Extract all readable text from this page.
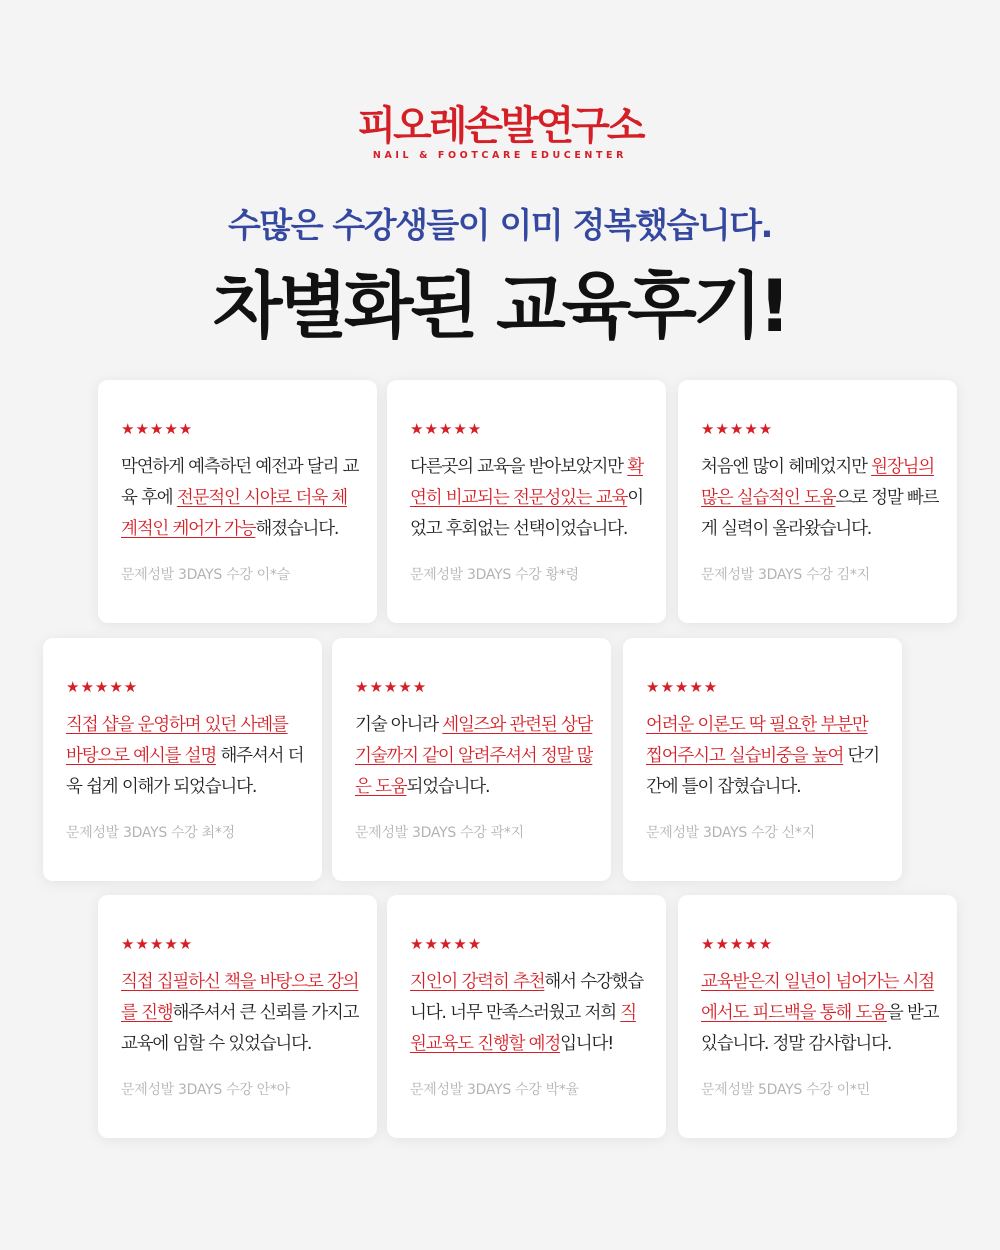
피오레손발연구소
NAIL & FOOTCARE EDUCENTER
수많은 수강생들이 이미 정복했습니다.
차별화된 교육후기!
★★★★★
막연하게 예측하던 예전과 달리 교육 후에 전문적인 시야로 더욱 체계적인 케어가 가능해졌습니다.
문제성발 3DAYS 수강 이*슬
★★★★★
다른곳의 교육을 받아보았지만 확연히 비교되는 전문성있는 교육이었고 후회없는 선택이었습니다.
문제성발 3DAYS 수강 황*령
★★★★★
처음엔 많이 헤메었지만 원장님의 많은 실습적인 도움으로 정말 빠르게 실력이 올라왔습니다.
문제성발 3DAYS 수강 김*지
★★★★★
직접 샵을 운영하며 있던 사례를 바탕으로 예시를 설명 해주셔서 더욱 쉽게 이해가 되었습니다.
문제성발 3DAYS 수강 최*정
★★★★★
기술 아니라 세일즈와 관련된 상담 기술까지 같이 알려주셔서 정말 많은 도움되었습니다.
문제성발 3DAYS 수강 곽*지
★★★★★
어려운 이론도 딱 필요한 부분만 찝어주시고 실습비중을 높여 단기간에 틀이 잡혔습니다.
문제성발 3DAYS 수강 신*지
★★★★★
직접 집필하신 책을 바탕으로 강의를 진행해주셔서 큰 신뢰를 가지고 교육에 임할 수 있었습니다.
문제성발 3DAYS 수강 안*아
★★★★★
지인이 강력히 추천해서 수강했습니다. 너무 만족스러웠고 저희 직원교육도 진행할 예정입니다!
문제성발 3DAYS 수강 박*율
★★★★★
교육받은지 일년이 넘어가는 시점에서도 피드백을 통해 도움을 받고있습니다. 정말 감사합니다.
문제성발 5DAYS 수강 이*민
